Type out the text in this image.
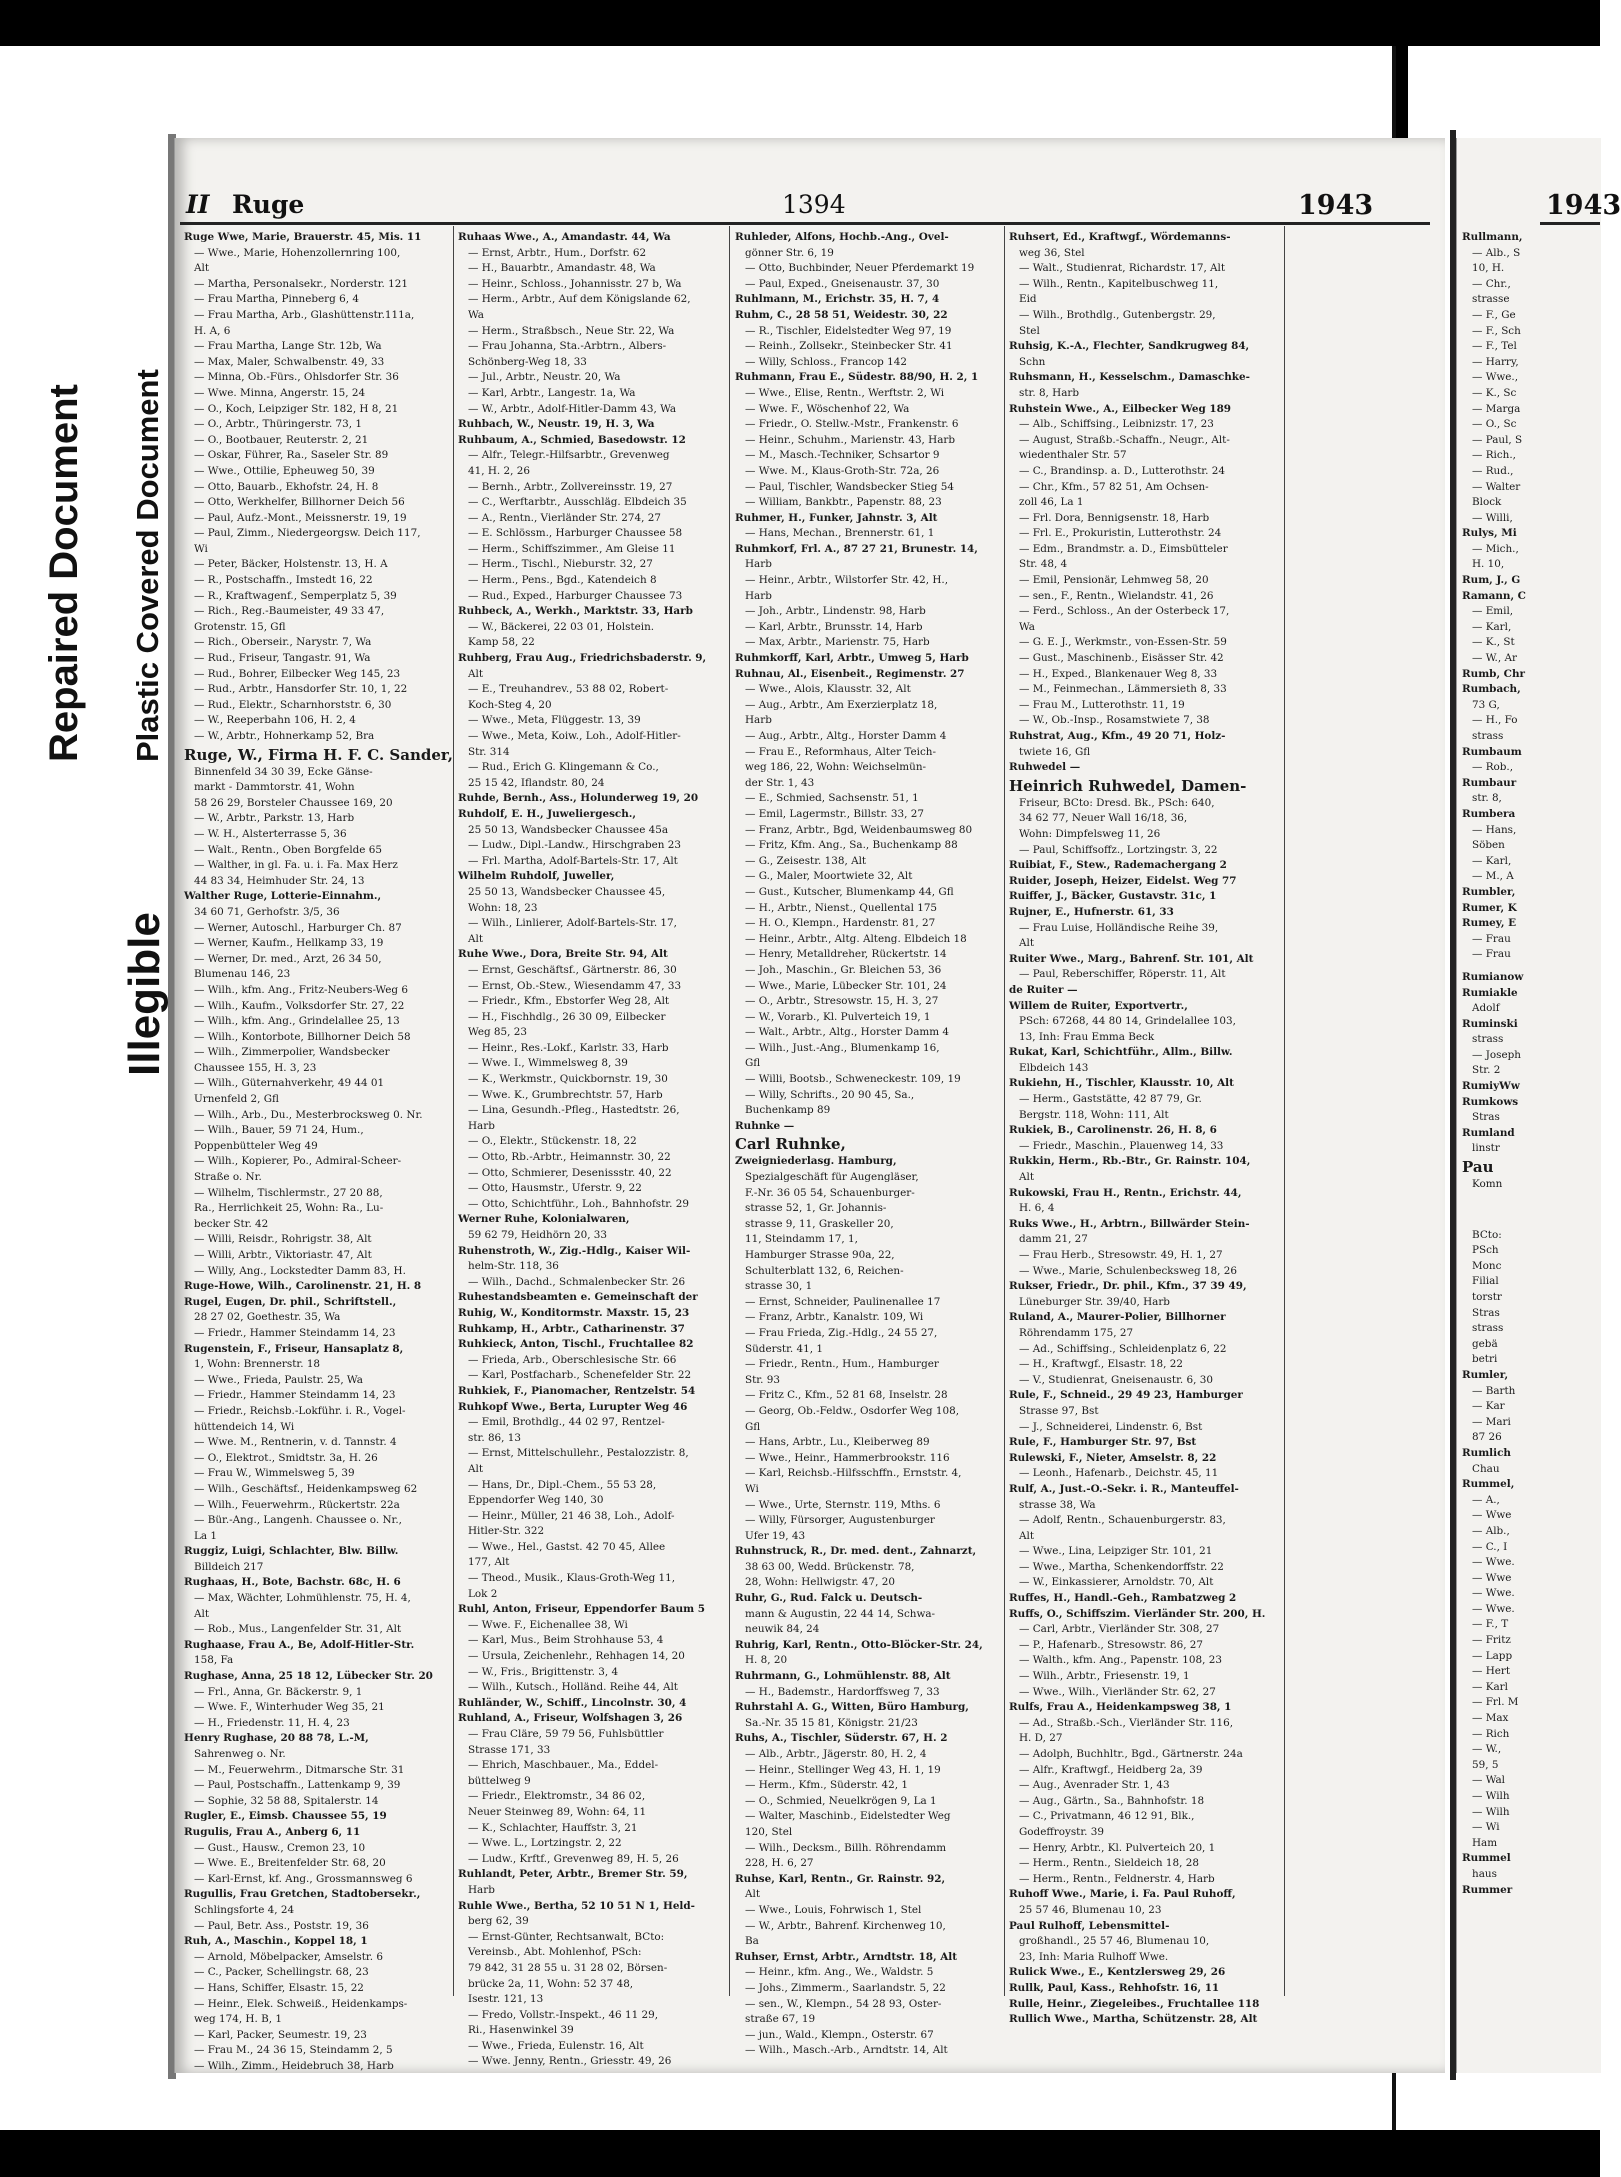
Repaired Document Plastic Covered Document
Illegible
II Ruge	1394	1943	1943
Ruge Wwe, Marie, Brauerstr. 45, Mis. 11
— Wwe., Marie, Hohenzollernring 100,
Alt
— Martha, Personalsekr., Norderstr. 121
— Frau Martha, Pinneberg 6, 4
— Frau Martha, Arb., Glashüttenstr.111a,
H. A, 6
— Frau Martha, Lange Str. 12b, Wa
— Max, Maler, Schwalbenstr. 49, 33
— Minna, Ob.-Fürs., Ohlsdorfer Str. 36
— Wwe. Minna, Angerstr. 15, 24
— O., Koch, Leipziger Str. 182, H 8, 21
— O., Arbtr., Thüringerstr. 73, 1
— O., Bootbauer, Reuterstr. 2, 21
— Oskar, Führer, Ra., Saseler Str. 89
— Wwe., Ottilie, Epheuweg 50, 39
— Otto, Bauarb., Ekhofstr. 24, H. 8
— Otto, Werkhelfer, Billhorner Deich 56
— Paul, Aufz.-Mont., Meissnerstr. 19, 19
— Paul, Zimm., Niedergeorgsw. Deich 117,
Wi
— Peter, Bäcker, Holstenstr. 13, H. A
— R., Postschaffn., Imstedt 16, 22
— R., Kraftwagenf., Semperplatz 5, 39
— Rich., Reg.-Baumeister, 49 33 47,
Grotenstr. 15, Gfl
— Rich., Oberseir., Narystr. 7, Wa
— Rud., Friseur, Tangastr. 91, Wa
— Rud., Bohrer, Eilbecker Weg 145, 23
— Rud., Arbtr., Hansdorfer Str. 10, 1, 22
— Rud., Elektr., Scharnhorststr. 6, 30
— W., Reeperbahn 106, H. 2, 4
— W., Arbtr., Hohnerkamp 52, Bra
Ruge, W., Firma H. F. C. Sander,
Binnenfeld 34 30 39, Ecke Gänse-
markt - Dammtorstr. 41, Wohn
58 26 29, Borsteler Chaussee 169, 20
— W., Arbtr., Parkstr. 13, Harb
— W. H., Alsterterrasse 5, 36
— Walt., Rentn., Oben Borgfelde 65
— Walther, in gl. Fa. u. i. Fa. Max Herz
44 83 34, Heimhuder Str. 24, 13
Walther Ruge, Lotterie-Einnahm.,
34 60 71, Gerhofstr. 3/5, 36
— Werner, Autoschl., Harburger Ch. 87
— Werner, Kaufm., Hellkamp 33, 19
— Werner, Dr. med., Arzt, 26 34 50,
Blumenau 146, 23
— Wilh., kfm. Ang., Fritz-Neubers-Weg 6
— Wilh., Kaufm., Volksdorfer Str. 27, 22
— Wilh., kfm. Ang., Grindelallee 25, 13
— Wilh., Kontorbote, Billhorner Deich 58
— Wilh., Zimmerpolier, Wandsbecker
Chaussee 155, H. 3, 23
— Wilh., Güternahverkehr, 49 44 01
Urnenfeld 2, Gfl
— Wilh., Arb., Du., Mesterbrocksweg 0. Nr.
— Wilh., Bauer, 59 71 24, Hum.,
Poppenbütteler Weg 49
— Wilh., Kopierer, Po., Admiral-Scheer-
Straße o. Nr.
— Wilhelm, Tischlermstr., 27 20 88,
Ra., Herrlichkeit 25, Wohn: Ra., Lu-
becker Str. 42
— Willi, Reisdr., Rohrigstr. 38, Alt
— Willi, Arbtr., Viktoriastr. 47, Alt
— Willy, Ang., Lockstedter Damm 83, H.
Ruge-Howe, Wilh., Carolinenstr. 21, H. 8
Rugel, Eugen, Dr. phil., Schriftstell.,
28 27 02, Goethestr. 35, Wa
— Friedr., Hammer Steindamm 14, 23
Rugenstein, F., Friseur, Hansaplatz 8,
1, Wohn: Brennerstr. 18
— Wwe., Frieda, Paulstr. 25, Wa
— Friedr., Hammer Steindamm 14, 23
— Friedr., Reichsb.-Lokführ. i. R., Vogel-
hüttendeich 14, Wi
— Wwe. M., Rentnerin, v. d. Tannstr. 4
— O., Elektrot., Smidtstr. 3a, H. 26
— Frau W., Wimmelsweg 5, 39
— Wilh., Geschäftsf., Heidenkampsweg 62
— Wilh., Feuerwehrm., Rückertstr. 22a
— Bür.-Ang., Langenh. Chaussee o. Nr.,
La 1
Ruggiz, Luigi, Schlachter, Blw. Billw.
Billdeich 217
Rughaas, H., Bote, Bachstr. 68c, H. 6
— Max, Wächter, Lohmühlenstr. 75, H. 4,
Alt
— Rob., Mus., Langenfelder Str. 31, Alt
Rughaase, Frau A., Be, Adolf-Hitler-Str.
158, Fa
Rughase, Anna, 25 18 12, Lübecker Str. 20
— Frl., Anna, Gr. Bäckerstr. 9, 1
— Wwe. F., Winterhuder Weg 35, 21
— H., Friedenstr. 11, H. 4, 23
Henry Rughase, 20 88 78, L.-M,
Sahrenweg o. Nr.
— M., Feuerwehrm., Ditmarsche Str. 31
— Paul, Postschaffn., Lattenkamp 9, 39
— Sophie, 32 58 88, Spitalerstr. 14
Rugler, E., Eimsb. Chaussee 55, 19
Rugulis, Frau A., Anberg 6, 11
— Gust., Hausw., Cremon 23, 10
— Wwe. E., Breitenfelder Str. 68, 20
— Karl-Ernst, kf. Ang., Grossmannsweg 6
Rugullis, Frau Gretchen, Stadtobersekr.,
Schlingsforte 4, 24
— Paul, Betr. Ass., Poststr. 19, 36
Ruh, A., Maschin., Koppel 18, 1
— Arnold, Möbelpacker, Amselstr. 6
— C., Packer, Schellingstr. 68, 23
— Hans, Schiffer, Elsastr. 15, 22
— Heinr., Elek. Schweiß., Heidenkamps-
weg 174, H. B, 1
— Karl, Packer, Seumestr. 19, 23
— Frau M., 24 36 15, Steindamm 2, 5
— Wilh., Zimm., Heidebruch 38, Harb
Ruhaas Wwe., A., Amandastr. 44, Wa
— Ernst, Arbtr., Hum., Dorfstr. 62
— H., Bauarbtr., Amandastr. 48, Wa
— Heinr., Schloss., Johannisstr. 27 b, Wa
— Herm., Arbtr., Auf dem Königslande 62,
Wa
— Herm., Straßbsch., Neue Str. 22, Wa
— Frau Johanna, Sta.-Arbtrn., Albers-
Schönberg-Weg 18, 33
— Jul., Arbtr., Neustr. 20, Wa
— Karl, Arbtr., Langestr. 1a, Wa
— W., Arbtr., Adolf-Hitler-Damm 43, Wa
Ruhbach, W., Neustr. 19, H. 3, Wa
Ruhbaum, A., Schmied, Basedowstr. 12
— Alfr., Telegr.-Hilfsarbtr., Grevenweg
41, H. 2, 26
— Bernh., Arbtr., Zollvereinsstr. 19, 27
— C., Werftarbtr., Ausschläg. Elbdeich 35
— A., Rentn., Vierländer Str. 274, 27
— E. Schlössm., Harburger Chaussee 58
— Herm., Schiffszimmer., Am Gleise 11
— Herm., Tischl., Nieburstr. 32, 27
— Herm., Pens., Bgd., Katendeich 8
— Rud., Exped., Harburger Chaussee 73
Ruhbeck, A., Werkh., Marktstr. 33, Harb
— W., Bäckerei, 22 03 01, Holstein.
Kamp 58, 22
Ruhberg, Frau Aug., Friedrichsbaderstr. 9,
Alt
— E., Treuhandrev., 53 88 02, Robert-
Koch-Steg 4, 20
— Wwe., Meta, Flüggestr. 13, 39
— Wwe., Meta, Koiw., Loh., Adolf-Hitler-
Str. 314
— Rud., Erich G. Klingemann & Co.,
25 15 42, Iflandstr. 80, 24
Ruhde, Bernh., Ass., Holunderweg 19, 20
Ruhdolf, E. H., Juweliergesch.,
25 50 13, Wandsbecker Chaussee 45a
— Ludw., Dipl.-Landw., Hirschgraben 23
— Frl. Martha, Adolf-Bartels-Str. 17, Alt
Wilhelm Ruhdolf, Juweller,
25 50 13, Wandsbecker Chaussee 45,
Wohn: 18, 23
— Wilh., Linlierer, Adolf-Bartels-Str. 17,
Alt
Ruhe Wwe., Dora, Breite Str. 94, Alt
— Ernst, Geschäftsf., Gärtnerstr. 86, 30
— Ernst, Ob.-Stew., Wiesendamm 47, 33
— Friedr., Kfm., Ebstorfer Weg 28, Alt
— H., Fischhdlg., 26 30 09, Eilbecker
Weg 85, 23
— Heinr., Res.-Lokf., Karlstr. 33, Harb
— Wwe. I., Wimmelsweg 8, 39
— K., Werkmstr., Quickbornstr. 19, 30
— Wwe. K., Grumbrechtstr. 57, Harb
— Lina, Gesundh.-Pfleg., Hastedtstr. 26,
Harb
— O., Elektr., Stückenstr. 18, 22
— Otto, Rb.-Arbtr., Heimannstr. 30, 22
— Otto, Schmierer, Desenissstr. 40, 22
— Otto, Hausmstr., Uferstr. 9, 22
— Otto, Schichtführ., Loh., Bahnhofstr. 29
Werner Ruhe, Kolonialwaren,
59 62 79, Heidhörn 20, 33
Ruhenstroth, W., Zig.-Hdlg., Kaiser Wil-
helm-Str. 118, 36
— Wilh., Dachd., Schmalenbecker Str. 26
Ruhestandsbeamten e. Gemeinschaft der
Ruhig, W., Konditormstr. Maxstr. 15, 23
Ruhkamp, H., Arbtr., Catharinenstr. 37
Ruhkieck, Anton, Tischl., Fruchtallee 82
— Frieda, Arb., Oberschlesische Str. 66
— Karl, Postfacharb., Schenefelder Str. 22
Ruhkiek, F., Pianomacher, Rentzelstr. 54
Ruhkopf Wwe., Berta, Lurupter Weg 46
— Emil, Brothdlg., 44 02 97, Rentzel-
str. 86, 13
— Ernst, Mittelschullehr., Pestalozzistr. 8,
Alt
— Hans, Dr., Dipl.-Chem., 55 53 28,
Eppendorfer Weg 140, 30
— Heinr., Müller, 21 46 38, Loh., Adolf-
Hitler-Str. 322
— Wwe., Hel., Gastst. 42 70 45, Allee
177, Alt
— Theod., Musik., Klaus-Groth-Weg 11,
Lok 2
Ruhl, Anton, Friseur, Eppendorfer Baum 5
— Wwe. F., Eichenallee 38, Wi
— Karl, Mus., Beim Strohhause 53, 4
— Ursula, Zeichenlehr., Rehhagen 14, 20
— W., Fris., Brigittenstr. 3, 4
— Wilh., Kutsch., Holländ. Reihe 44, Alt
Ruhländer, W., Schiff., Lincolnstr. 30, 4
Ruhland, A., Friseur, Wolfshagen 3, 26
— Frau Cläre, 59 79 56, Fuhlsbüttler
Strasse 171, 33
— Ehrich, Maschbauer., Ma., Eddel-
büttelweg 9
— Friedr., Elektromstr., 34 86 02,
Neuer Steinweg 89, Wohn: 64, 11
— K., Schlachter, Hauffstr. 3, 21
— Wwe. L., Lortzingstr. 2, 22
— Ludw., Krftf., Grevenweg 89, H. 5, 26
Ruhlandt, Peter, Arbtr., Bremer Str. 59,
Harb
Ruhle Wwe., Bertha, 52 10 51 N 1, Held-
berg 62, 39
— Ernst-Günter, Rechtsanwalt, BCto:
Vereinsb., Abt. Mohlenhof, PSch:
79 842, 31 28 55 u. 31 28 02, Börsen-
brücke 2a, 11, Wohn: 52 37 48,
Isestr. 121, 13
— Fredo, Vollstr.-Inspekt., 46 11 29,
Ri., Hasenwinkel 39
— Wwe., Frieda, Eulenstr. 16, Alt
— Wwe. Jenny, Rentn., Griesstr. 49, 26
Ruhleder, Alfons, Hochb.-Ang., Ovel-
gönner Str. 6, 19
— Otto, Buchbinder, Neuer Pferdemarkt 19
— Paul, Exped., Gneisenaustr. 37, 30
Ruhlmann, M., Erichstr. 35, H. 7, 4
Ruhm, C., 28 58 51, Weidestr. 30, 22
— R., Tischler, Eidelstedter Weg 97, 19
— Reinh., Zollsekr., Steinbecker Str. 41
— Willy, Schloss., Francop 142
Ruhmann, Frau E., Südestr. 88/90, H. 2, 1
— Wwe., Elise, Rentn., Werftstr. 2, Wi
— Wwe. F., Wöschenhof 22, Wa
— Friedr., O. Stellw.-Mstr., Frankenstr. 6
— Heinr., Schuhm., Marienstr. 43, Harb
— M., Masch.-Techniker, Schsartor 9
— Wwe. M., Klaus-Groth-Str. 72a, 26
— Paul, Tischler, Wandsbecker Stieg 54
— William, Bankbtr., Papenstr. 88, 23
Ruhmer, H., Funker, Jahnstr. 3, Alt
— Hans, Mechan., Brennerstr. 61, 1
Ruhmkorf, Frl. A., 87 27 21, Brunestr. 14,
Harb
— Heinr., Arbtr., Wilstorfer Str. 42, H.,
Harb
— Joh., Arbtr., Lindenstr. 98, Harb
— Karl, Arbtr., Brunsstr. 14, Harb
— Max, Arbtr., Marienstr. 75, Harb
Ruhmkorff, Karl, Arbtr., Umweg 5, Harb
Ruhnau, Al., Eisenbeit., Regimenstr. 27
— Wwe., Alois, Klausstr. 32, Alt
— Aug., Arbtr., Am Exerzierplatz 18,
Harb
— Aug., Arbtr., Altg., Horster Damm 4
— Frau E., Reformhaus, Alter Teich-
weg 186, 22, Wohn: Weichselmün-
der Str. 1, 43
— E., Schmied, Sachsenstr. 51, 1
— Emil, Lagermstr., Billstr. 33, 27
— Franz, Arbtr., Bgd, Weidenbaumsweg 80
— Fritz, Kfm. Ang., Sa., Buchenkamp 88
— G., Zeisestr. 138, Alt
— G., Maler, Moortwiete 32, Alt
— Gust., Kutscher, Blumenkamp 44, Gfl
— H., Arbtr., Nienst., Quellental 175
— H. O., Klempn., Hardenstr. 81, 27
— Heinr., Arbtr., Altg. Alteng. Elbdeich 18
— Henry, Metalldreher, Rückertstr. 14
— Joh., Maschin., Gr. Bleichen 53, 36
— Wwe., Marie, Lübecker Str. 101, 24
— O., Arbtr., Stresowstr. 15, H. 3, 27
— W., Vorarb., Kl. Pulverteich 19, 1
— Walt., Arbtr., Altg., Horster Damm 4
— Wilh., Just.-Ang., Blumenkamp 16,
Gfl
— Willi, Bootsb., Schweneckestr. 109, 19
— Willy, Schrifts., 20 90 45, Sa.,
Buchenkamp 89
Ruhnke —
Carl Ruhnke,
Zweigniederlasg. Hamburg,
Spezialgeschäft für Augengläser,
F.-Nr. 36 05 54, Schauenburger-
strasse 52, 1, Gr. Johannis-
strasse 9, 11, Graskeller 20,
11, Steindamm 17, 1,
Hamburger Strasse 90a, 22,
Schulterblatt 132, 6, Reichen-
strasse 30, 1
— Ernst, Schneider, Paulinenallee 17
— Franz, Arbtr., Kanalstr. 109, Wi
— Frau Frieda, Zig.-Hdlg., 24 55 27,
Süderstr. 41, 1
— Friedr., Rentn., Hum., Hamburger
Str. 93
— Fritz C., Kfm., 52 81 68, Inselstr. 28
— Georg, Ob.-Feldw., Osdorfer Weg 108,
Gfl
— Hans, Arbtr., Lu., Kleiberweg 89
— Wwe., Heinr., Hammerbrookstr. 116
— Karl, Reichsb.-Hilfsschffn., Ernststr. 4,
Wi
— Wwe., Urte, Sternstr. 119, Mths. 6
— Willy, Fürsorger, Augustenburger
Ufer 19, 43
Ruhnstruck, R., Dr. med. dent., Zahnarzt,
38 63 00, Wedd. Brückenstr. 78,
28, Wohn: Hellwigstr. 47, 20
Ruhr, G., Rud. Falck u. Deutsch-
mann & Augustin, 22 44 14, Schwa-
neuwik 84, 24
Ruhrig, Karl, Rentn., Otto-Blöcker-Str. 24,
H. 8, 20
Ruhrmann, G., Lohmühlenstr. 88, Alt
— H., Bademstr., Hardorffsweg 7, 33
Ruhrstahl A. G., Witten, Büro Hamburg,
Sa.-Nr. 35 15 81, Königstr. 21/23
Ruhs, A., Tischler, Süderstr. 67, H. 2
— Alb., Arbtr., Jägerstr. 80, H. 2, 4
— Heinr., Stellinger Weg 43, H. 1, 19
— Herm., Kfm., Süderstr. 42, 1
— O., Schmied, Neuelkrögen 9, La 1
— Walter, Maschinb., Eidelstedter Weg
120, Stel
— Wilh., Decksm., Billh. Röhrendamm
228, H. 6, 27
Ruhse, Karl, Rentn., Gr. Rainstr. 92,
Alt
— Wwe., Louis, Fohrwisch 1, Stel
— W., Arbtr., Bahrenf. Kirchenweg 10,
Ba
Ruhser, Ernst, Arbtr., Arndtstr. 18, Alt
— Heinr., kfm. Ang., We., Waldstr. 5
— Johs., Zimmerm., Saarlandstr. 5, 22
— sen., W., Klempn., 54 28 93, Oster-
straße 67, 19
— jun., Wald., Klempn., Osterstr. 67
— Wilh., Masch.-Arb., Arndtstr. 14, Alt
Ruhsert, Ed., Kraftwgf., Wördemanns-
weg 36, Stel
— Walt., Studienrat, Richardstr. 17, Alt
— Wilh., Rentn., Kapitelbuschweg 11,
Eid
— Wilh., Brothdlg., Gutenbergstr. 29,
Stel
Ruhsig, K.-A., Flechter, Sandkrugweg 84,
Schn
Ruhsmann, H., Kesselschm., Damaschke-
str. 8, Harb
Ruhstein Wwe., A., Eilbecker Weg 189
— Alb., Schiffsing., Leibnizstr. 17, 23
— August, Straßb.-Schaffn., Neugr., Alt-
wiedenthaler Str. 57
— C., Brandinsp. a. D., Lutterothstr. 24
— Chr., Kfm., 57 82 51, Am Ochsen-
zoll 46, La 1
— Frl. Dora, Bennigsenstr. 18, Harb
— Frl. E., Prokuristin, Lutterothstr. 24
— Edm., Brandmstr. a. D., Eimsbütteler
Str. 48, 4
— Emil, Pensionär, Lehmweg 58, 20
— sen., F., Rentn., Wielandstr. 41, 26
— Ferd., Schloss., An der Osterbeck 17,
Wa
— G. E. J., Werkmstr., von-Essen-Str. 59
— Gust., Maschinenb., Eisässer Str. 42
— H., Exped., Blankenauer Weg 8, 33
— M., Feinmechan., Lämmersieth 8, 33
— Frau M., Lutterothstr. 11, 19
— W., Ob.-Insp., Rosamstwiete 7, 38
Ruhstrat, Aug., Kfm., 49 20 71, Holz-
twiete 16, Gfl
Ruhwedel —
Heinrich Ruhwedel, Damen-
Friseur, BCto: Dresd. Bk., PSch: 640,
34 62 77, Neuer Wall 16/18, 36,
Wohn: Dimpfelsweg 11, 26
— Paul, Schiffsoffz., Lortzingstr. 3, 22
Ruibiat, F., Stew., Rademachergang 2
Ruider, Joseph, Heizer, Eidelst. Weg 77
Ruiffer, J., Bäcker, Gustavstr. 31c, 1
Rujner, E., Hufnerstr. 61, 33
— Frau Luise, Holländische Reihe 39,
Alt
Ruiter Wwe., Marg., Bahrenf. Str. 101, Alt
— Paul, Reberschiffer, Röperstr. 11, Alt
de Ruiter —
Willem de Ruiter, Exportvertr.,
PSch: 67268, 44 80 14, Grindelallee 103,
13, Inh: Frau Emma Beck
Rukat, Karl, Schichtführ., Allm., Billw.
Elbdeich 143
Rukiehn, H., Tischler, Klausstr. 10, Alt
— Herm., Gaststätte, 42 87 79, Gr.
Bergstr. 118, Wohn: 111, Alt
Rukiek, B., Carolinenstr. 26, H. 8, 6
— Friedr., Maschin., Plauenweg 14, 33
Rukkin, Herm., Rb.-Btr., Gr. Rainstr. 104,
Alt
Rukowski, Frau H., Rentn., Erichstr. 44,
H. 6, 4
Ruks Wwe., H., Arbtrn., Billwärder Stein-
damm 21, 27
— Frau Herb., Stresowstr. 49, H. 1, 27
— Wwe., Marie, Schulenbecksweg 18, 26
Rukser, Friedr., Dr. phil., Kfm., 37 39 49,
Lüneburger Str. 39/40, Harb
Ruland, A., Maurer-Polier, Billhorner
Röhrendamm 175, 27
— Ad., Schiffsing., Schleidenplatz 6, 22
— H., Kraftwgf., Elsastr. 18, 22
— V., Studienrat, Gneisenaustr. 6, 30
Rule, F., Schneid., 29 49 23, Hamburger
Strasse 97, Bst
— J., Schneiderei, Lindenstr. 6, Bst
Rule, F., Hamburger Str. 97, Bst
Rulewski, F., Nieter, Amselstr. 8, 22
— Leonh., Hafenarb., Deichstr. 45, 11
Rulf, A., Just.-O.-Sekr. i. R., Manteuffel-
strasse 38, Wa
— Adolf, Rentn., Schauenburgerstr. 83,
Alt
— Wwe., Lina, Leipziger Str. 101, 21
— Wwe., Martha, Schenkendorffstr. 22
— W., Einkassierer, Arnoldstr. 70, Alt
Ruffes, H., Handl.-Geh., Rambatzweg 2
Ruffs, O., Schiffszim. Vierländer Str. 200, H.
— Carl, Arbtr., Vierländer Str. 308, 27
— P., Hafenarb., Stresowstr. 86, 27
— Walth., kfm. Ang., Papenstr. 108, 23
— Wilh., Arbtr., Friesenstr. 19, 1
— Wwe., Wilh., Vierländer Str. 62, 27
Rulfs, Frau A., Heidenkampsweg 38, 1
— Ad., Straßb.-Sch., Vierländer Str. 116,
H. D, 27
— Adolph, Buchhltr., Bgd., Gärtnerstr. 24a
— Alfr., Kraftwgf., Heidberg 2a, 39
— Aug., Avenrader Str. 1, 43
— Aug., Gärtn., Sa., Bahnhofstr. 18
— C., Privatmann, 46 12 91, Blk.,
Godeffroystr. 39
— Henry, Arbtr., Kl. Pulverteich 20, 1
— Herm., Rentn., Sieldeich 18, 28
— Herm., Rentn., Feldnerstr. 4, Harb
Ruhoff Wwe., Marie, i. Fa. Paul Ruhoff,
25 57 46, Blumenau 10, 23
Paul Rulhoff, Lebensmittel-
großhandl., 25 57 46, Blumenau 10,
23, Inh: Maria Rulhoff Wwe.
Rulick Wwe., E., Kentzlersweg 29, 26
Rullk, Paul, Kass., Rehhofstr. 16, 11
Rulle, Heinr., Ziegeleibes., Fruchtallee 118
Rullich Wwe., Martha, Schützenstr. 28, Alt
Rullmann,
— Alb., S
10, H.
— Chr.,
strasse
— F., Ge
— F., Sch
— F., Tel
— Harry,
— Wwe.,
— K., Sc
— Marga
— O., Sc
— Paul, S
— Rich.,
— Rud.,
— Walter
Block
— Willi,
Rulys, Mi
— Mich.,
H. 10,
Rum, J., G
Ramann, C
— Emil,
— Karl,
— K., St
— W., Ar
Rumb, Chr
Rumbach,
73 G,
— H., Fo
strass
Rumbaum
— Rob.,
Rumbaur
str. 8,
Rumbera
— Hans,
Söben
— Karl,
— M., A
Rumbler,
Rumer, K
Rumey, E
— Frau
— Frau
Rumianow
Rumiakle
Adolf
Ruminski
strass
— Joseph
Str. 2
RumiyWw
Rumkows
Stras
Rumland
linstr
Pau
Komn
BCto:
PSch
Monc
Filial
torstr
Stras
strass
gebä
betri
Rumler,
— Barth
— Kar
— Mari
87 26
Rumlich
Chau
Rummel,
— A.,
— Wwe
— Alb.,
— C., I
— Wwe.
— Wwe
— Wwe.
— Wwe.
— F., T
— Fritz
— Lapp
— Hert
— Karl
— Frl. M
— Max
— Rich
— W.,
59, 5
— Wal
— Wilh
— Wilh
— Wi
Ham
Rummel
haus
Rummer
